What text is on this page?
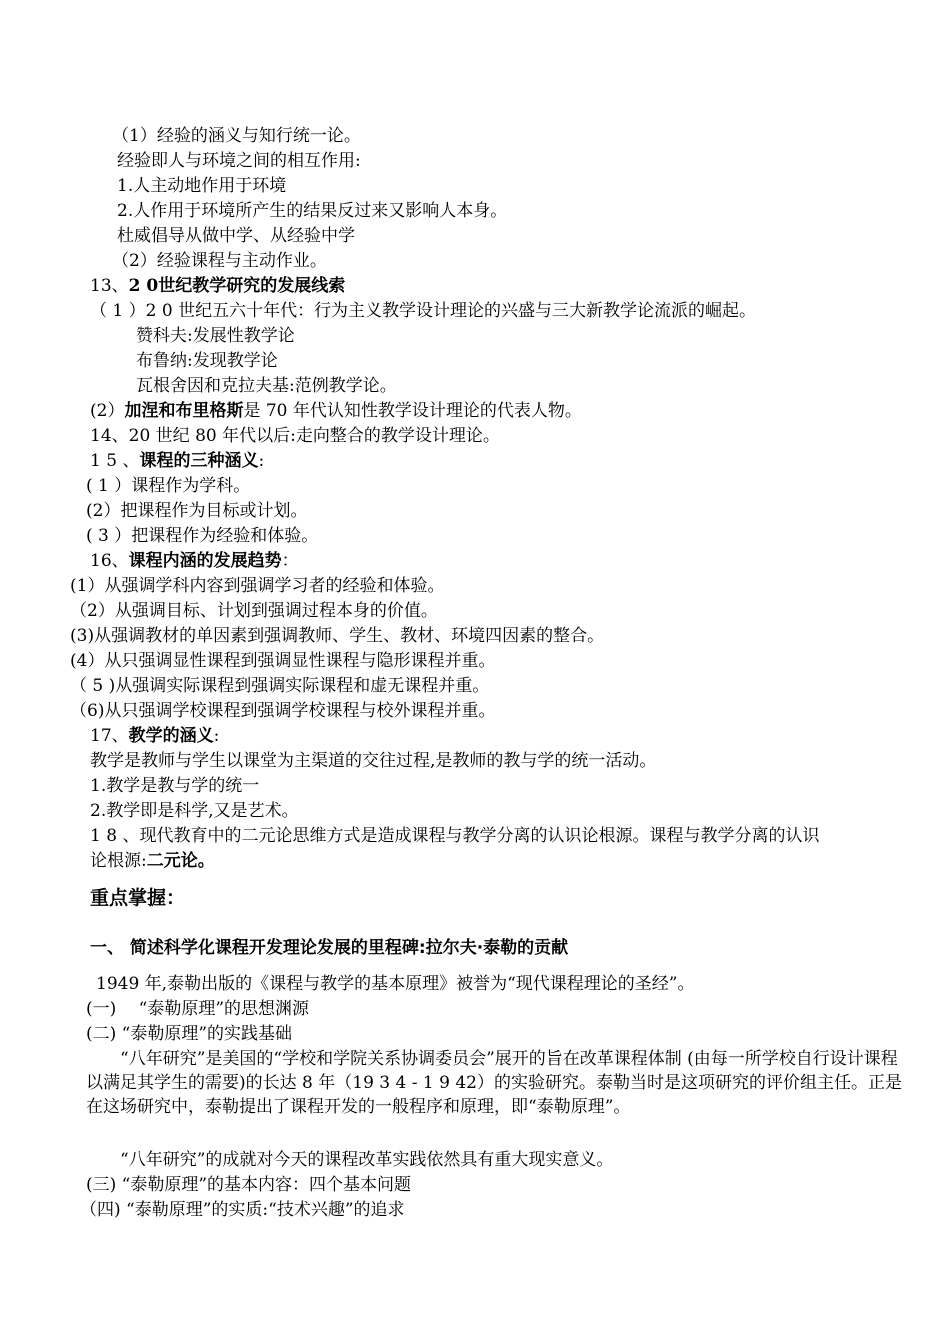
（1）经验的涵义与知行统一论。
经验即人与环境之间的相互作用:
1.人主动地作用于环境
2.人作用于环境所产生的结果反过来又影响人本身。
杜威倡导从做中学、从经验中学
（2）经验课程与主动作业。
13、2 0世纪教学研究的发展线索
（ 1 ）2 0 世纪五六十年代：行为主义教学设计理论的兴盛与三大新教学论流派的崛起。
赞科夫:发展性教学论
布鲁纳:发现教学论
瓦根舍因和克拉夫基:范例教学论。
(2）加涅和布里格斯是 70 年代认知性教学设计理论的代表人物。
14、20 世纪 80 年代以后:走向整合的教学设计理论。
1 5 、课程的三种涵义:
( 1 ）课程作为学科。
(2）把课程作为目标或计划。
( 3 ）把课程作为经验和体验。
16、课程内涵的发展趋势：
(1）从强调学科内容到强调学习者的经验和体验。
（2）从强调目标、计划到强调过程本身的价值。
(3)从强调教材的单因素到强调教师、学生、教材、环境四因素的整合。
(4）从只强调显性课程到强调显性课程与隐形课程并重。
（ 5 )从强调实际课程到强调实际课程和虚无课程并重。
（6)从只强调学校课程到强调学校课程与校外课程并重。
17、教学的涵义:
教学是教师与学生以课堂为主渠道的交往过程,是教师的教与学的统一活动。
1.教学是教与学的统一
2.教学即是科学,又是艺术。
1 8 、现代教育中的二元论思维方式是造成课程与教学分离的认识论根源。课程与教学分离的认识
论根源:二元论。
重点掌握：
一、 简述科学化课程开发理论发展的里程碑:拉尔夫·泰勒的贡献
1949 年,泰勒出版的《课程与教学的基本原理》被誉为“现代课程理论的圣经”。
(一)　 “泰勒原理”的思想渊源
(二) “泰勒原理”的实践基础
“八年研究”是美国的“学校和学院关系协调委员会”展开的旨在改革课程体制 (由每一所学校自行设计课程以满足其学生的需要)的长达 8 年（19 3 4 - 1 9 42）的实验研究。泰勒当时是这项研究的评价组主任。正是在这场研究中，泰勒提出了课程开发的一般程序和原理，即“泰勒原理”。
“八年研究”的成就对今天的课程改革实践依然具有重大现实意义。
(三) “泰勒原理”的基本内容：四个基本问题
（四) “泰勒原理”的实质:“技术兴趣”的追求
